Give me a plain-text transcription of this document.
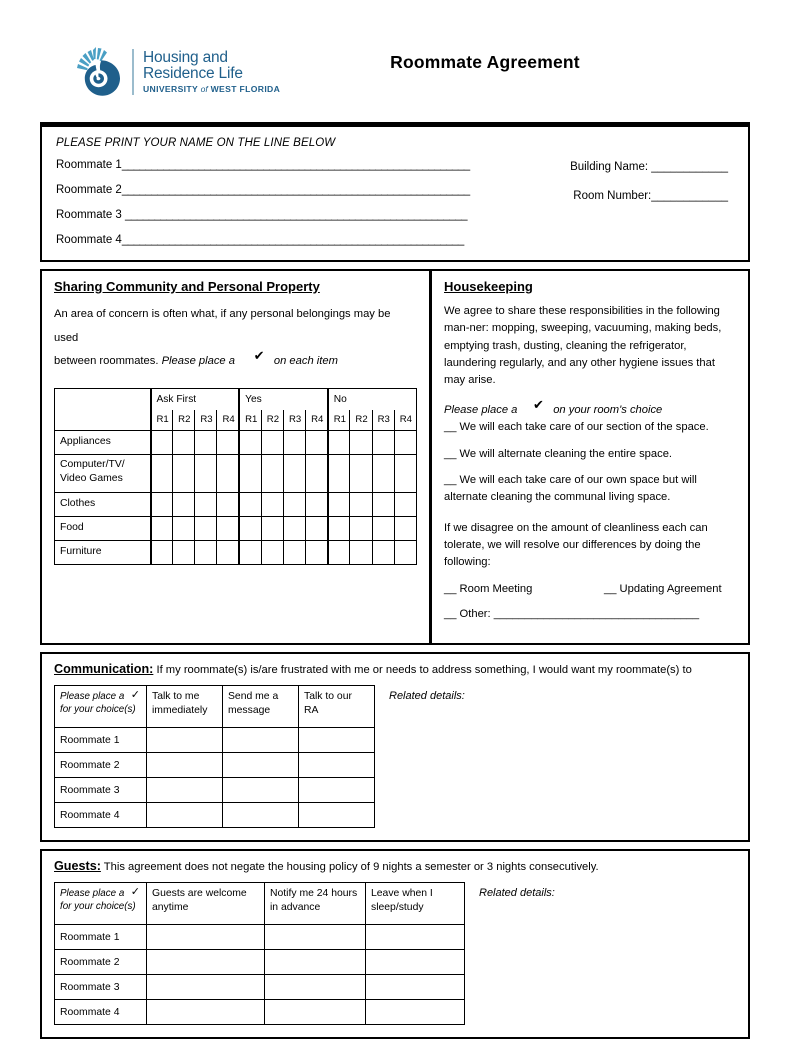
Housing and
Residence Life
UNIVERSITY of WEST FLORIDA
Roommate Agreement
PLEASE PRINT YOUR NAME ON THE LINE BELOW
Roommate 1___________________________________________________________
Roommate 2___________________________________________________________
Roommate 3 __________________________________________________________
Roommate 4__________________________________________________________
Building Name: ____________
Room Number:____________
Sharing Community and Personal Property
An area of concern is often what, if any personal belongings may be used
between roommates. Please place a ✔ on each item
	Ask First				Yes				No			
	R1	R2	R3	R4	R1	R2	R3	R4	R1	R2	R3	R4
Appliances												
Computer/TV/ Video Games												
Clothes												
Food												
Furniture												
Housekeeping
We agree to share these responsibilities in the following man-ner: mopping, sweeping, vacuuming, making beds, emptying trash, dusting, cleaning the refrigerator, laundering regularly, and any other hygiene issues that may arise.
Please place a ✔ on your room's choice
__ We will each take care of our section of the space.
__ We will alternate cleaning the entire space.
__ We will each take care of our own space but will alternate cleaning the communal living space.
If we disagree on the amount of cleanliness each can tolerate, we will resolve our differences by doing the following:
__ Room Meeting	__ Updating Agreement
__ Other: _________________________________
Communication: If my roommate(s) is/are frustrated with me or needs to address something, I would want my roommate(s) to
✓
Please place a
for your choice(s)	Talk to me immediately	Send me a message	Talk to our RA
Roommate 1			
Roommate 2			
Roommate 3			
Roommate 4			
Related details:
Guests: This agreement does not negate the housing policy of 9 nights a semester or 3 nights consecutively.
✓
Please place a
for your choice(s)	Guests are welcome anytime	Notify me 24 hours in advance	Leave when I sleep/study
Roommate 1			
Roommate 2			
Roommate 3			
Roommate 4			
Related details:
